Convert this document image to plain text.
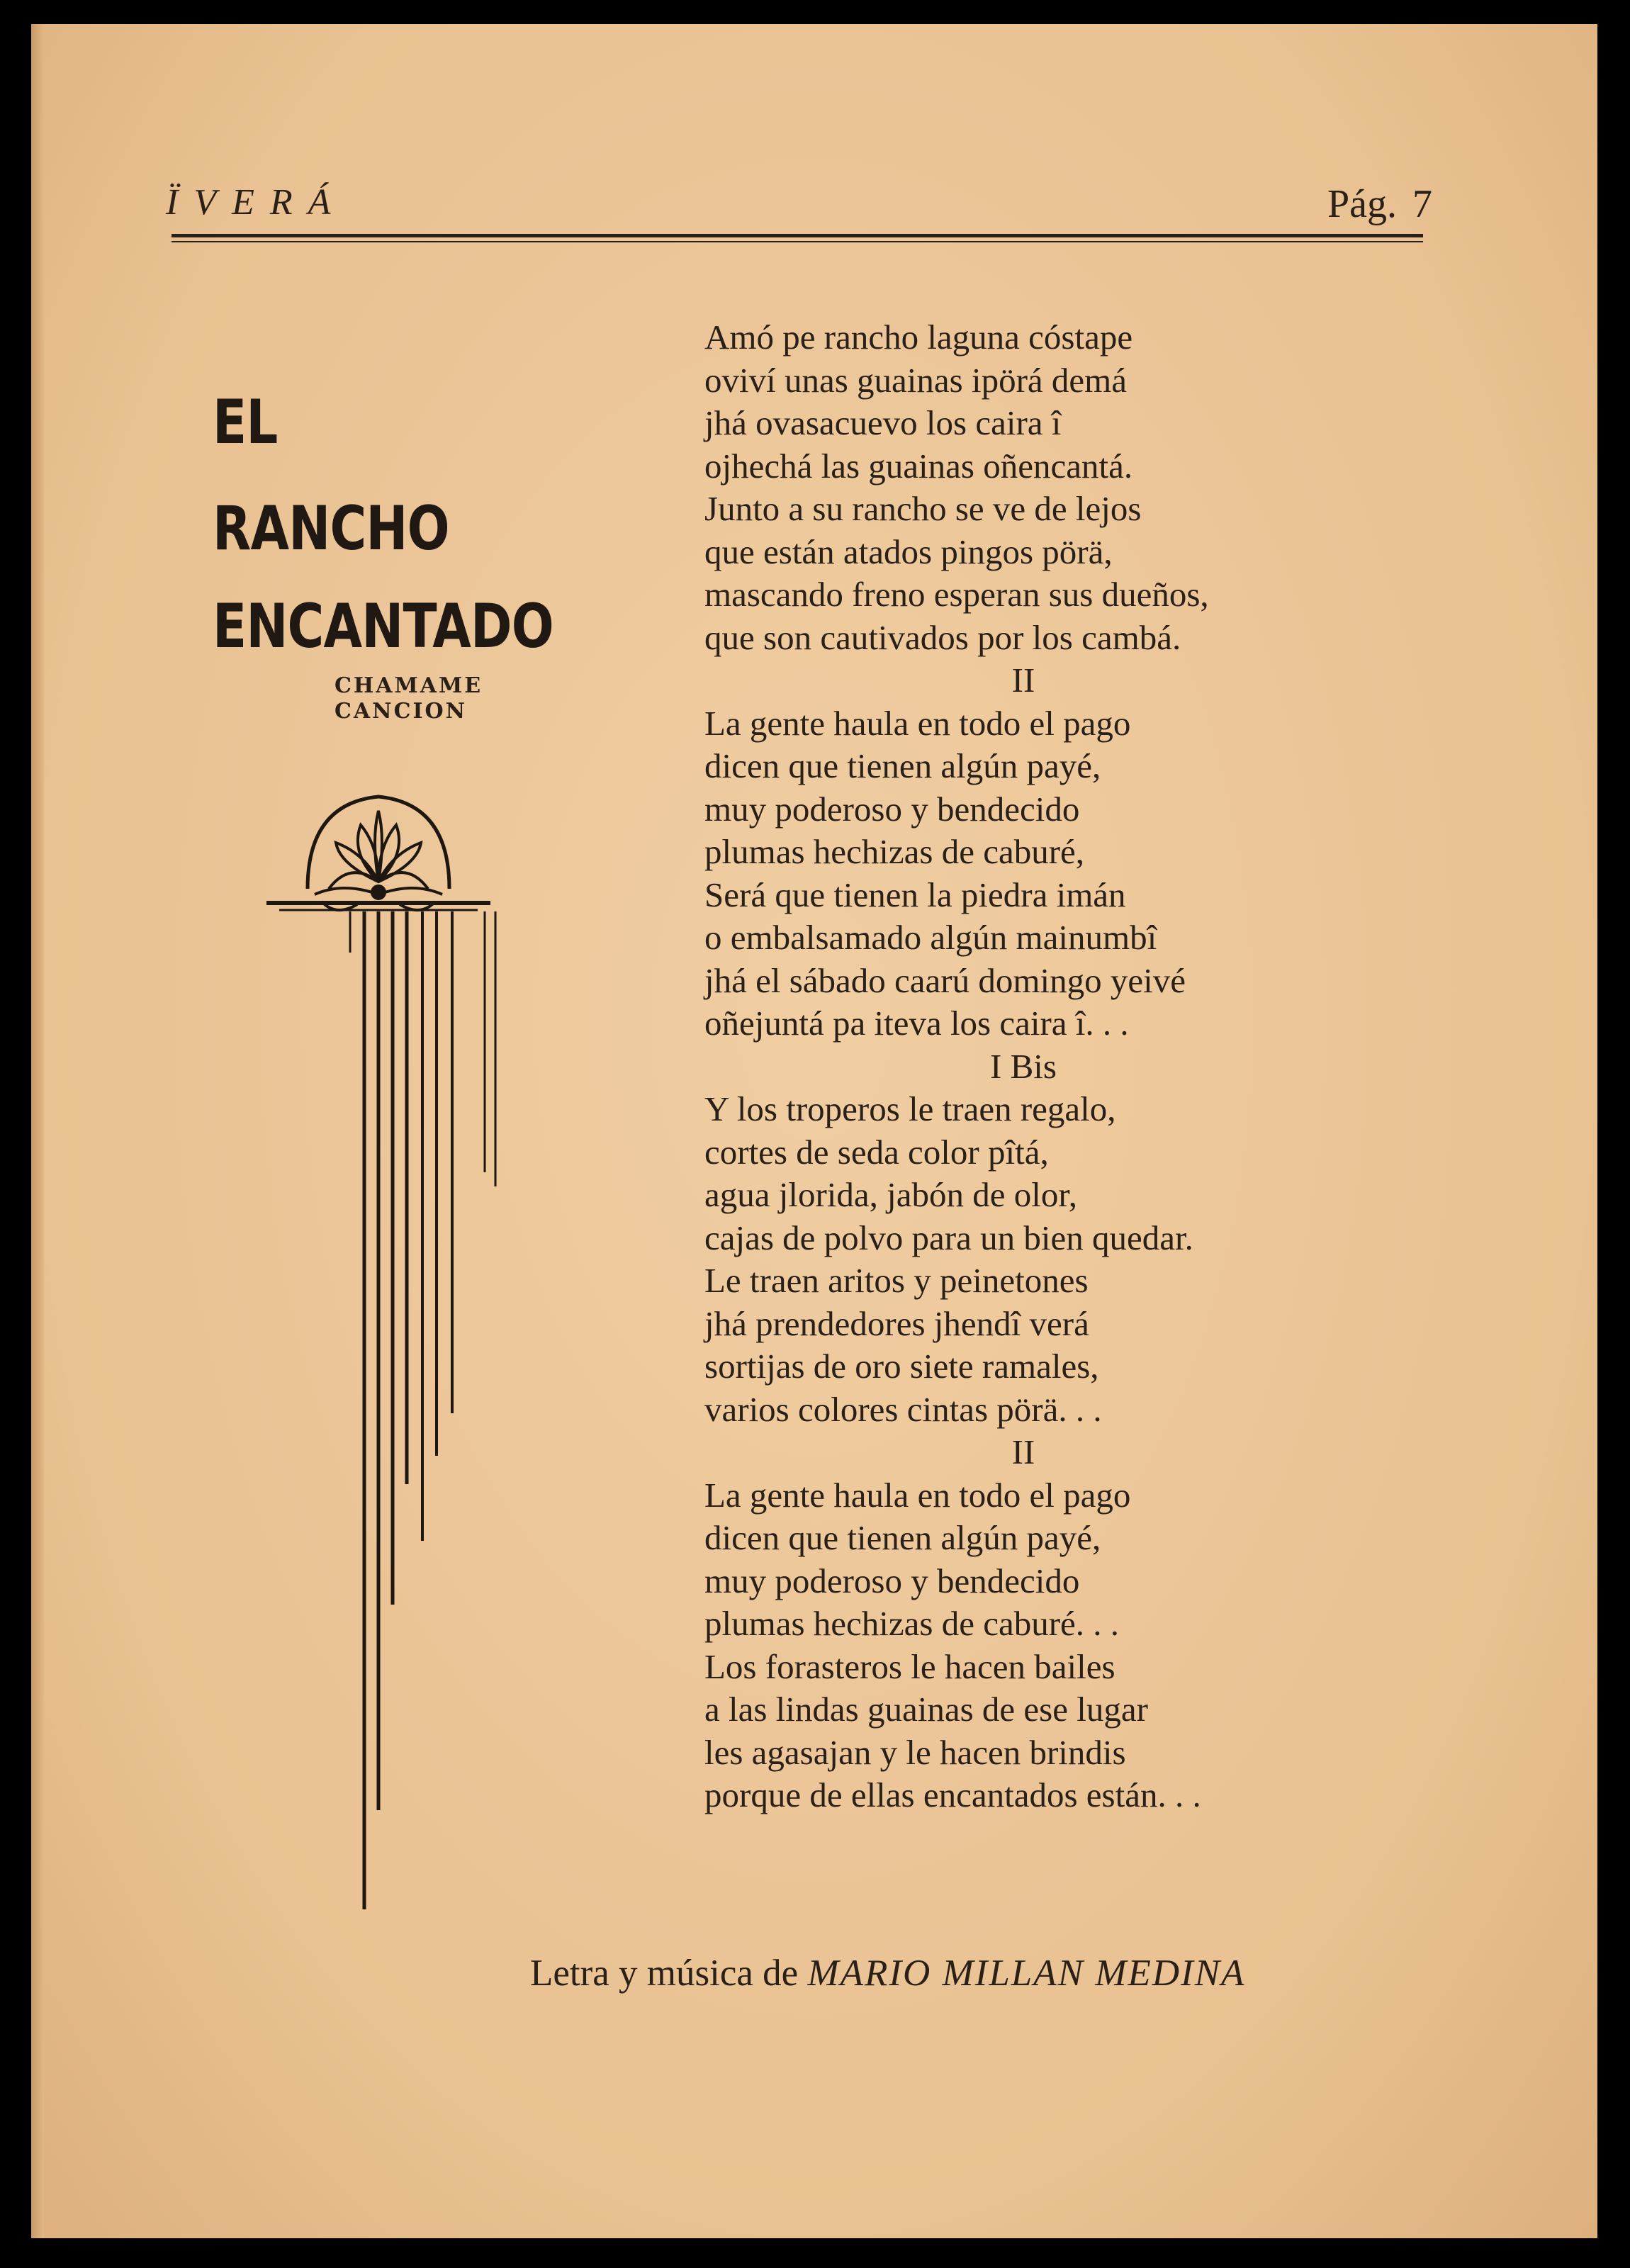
ÏVERÁ	Pág. 7
EL
RANCHO
ENCANTADO

CHAMAME

CANCION

Amó pe rancho laguna cóstape
oviví unas guainas ipörá demá
jhá ovasacuevo los caira î
ojhechá las guainas oñencantá.
Junto a su rancho se ve de lejos
que están atados pingos pörä,
mascando freno esperan sus dueños,
que son cautivados por los cambá.
II
La gente haula en todo el pago
dicen que tienen algún payé,
muy poderoso y bendecido
plumas hechizas de caburé,
Será que tienen la piedra imán
o embalsamado algún mainumbî
jhá el sábado caarú domingo yeivé
oñejuntá pa iteva los caira î. . .
I Bis
Y los troperos le traen regalo,
cortes de seda color pîtá,
agua jlorida, jabón de olor,
cajas de polvo para un bien quedar.
Le traen aritos y peinetones
jhá prendedores jhendî verá
sortijas de oro siete ramales,
varios colores cintas pörä. . .
II
La gente haula en todo el pago
dicen que tienen algún payé,
muy poderoso y bendecido
plumas hechizas de caburé. . .
Los forasteros le hacen bailes
a las lindas guainas de ese lugar
les agasajan y le hacen brindis
porque de ellas encantados están. . .
Letra y música de MARIO MILLAN MEDINA
